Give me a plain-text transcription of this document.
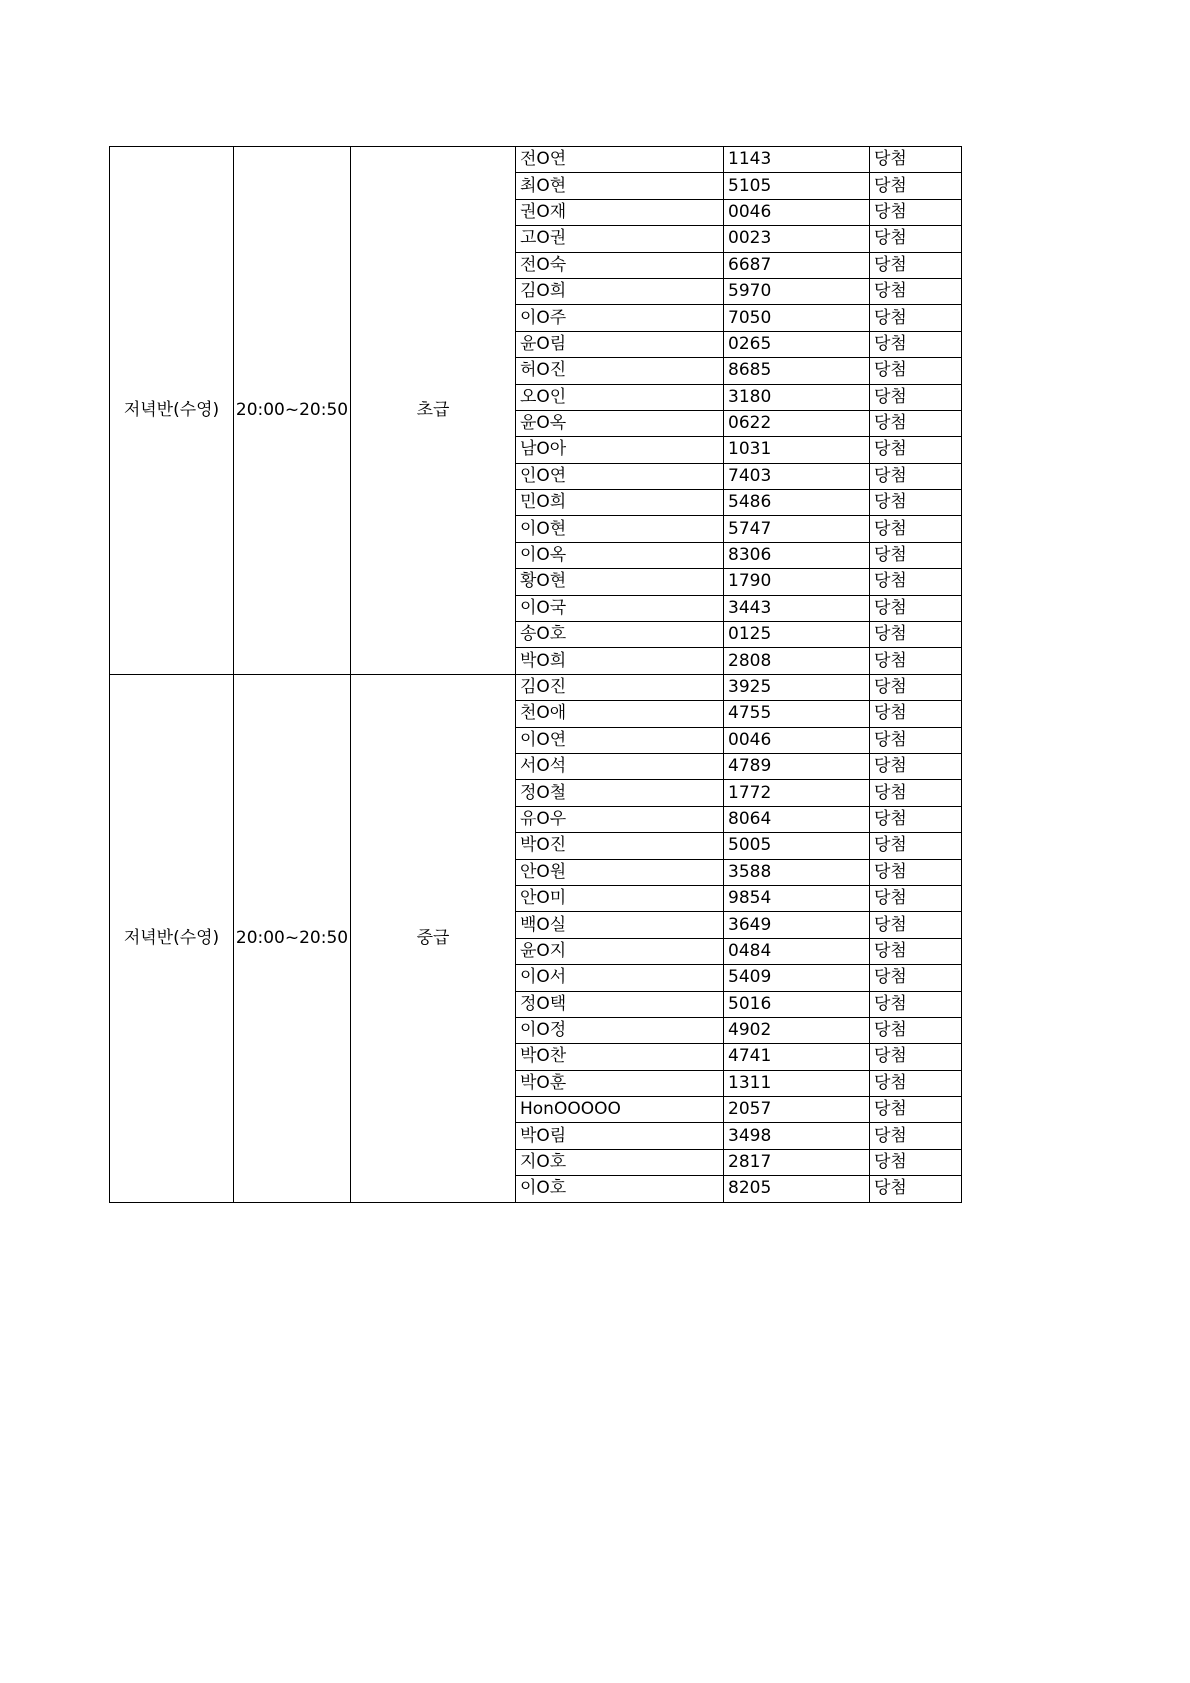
저녁반(수영)	20:00~20:50	초급	전O연	1143	당첨
			최O현	5105	당첨
			권O재	0046	당첨
			고O권	0023	당첨
			전O숙	6687	당첨
			김O희	5970	당첨
			이O주	7050	당첨
			윤O림	0265	당첨
			허O진	8685	당첨
			오O인	3180	당첨
			윤O옥	0622	당첨
			남O아	1031	당첨
			인O연	7403	당첨
			민O희	5486	당첨
			이O현	5747	당첨
			이O옥	8306	당첨
			황O현	1790	당첨
			이O국	3443	당첨
			송O호	0125	당첨
			박O희	2808	당첨
저녁반(수영)	20:00~20:50	중급	김O진	3925	당첨
			천O애	4755	당첨
			이O연	0046	당첨
			서O석	4789	당첨
			정O철	1772	당첨
			유O우	8064	당첨
			박O진	5005	당첨
			안O원	3588	당첨
			안O미	9854	당첨
			백O실	3649	당첨
			윤O지	0484	당첨
			이O서	5409	당첨
			정O택	5016	당첨
			이O정	4902	당첨
			박O찬	4741	당첨
			박O훈	1311	당첨
			HonOOOOO	2057	당첨
			박O림	3498	당첨
			지O호	2817	당첨
			이O호	8205	당첨
